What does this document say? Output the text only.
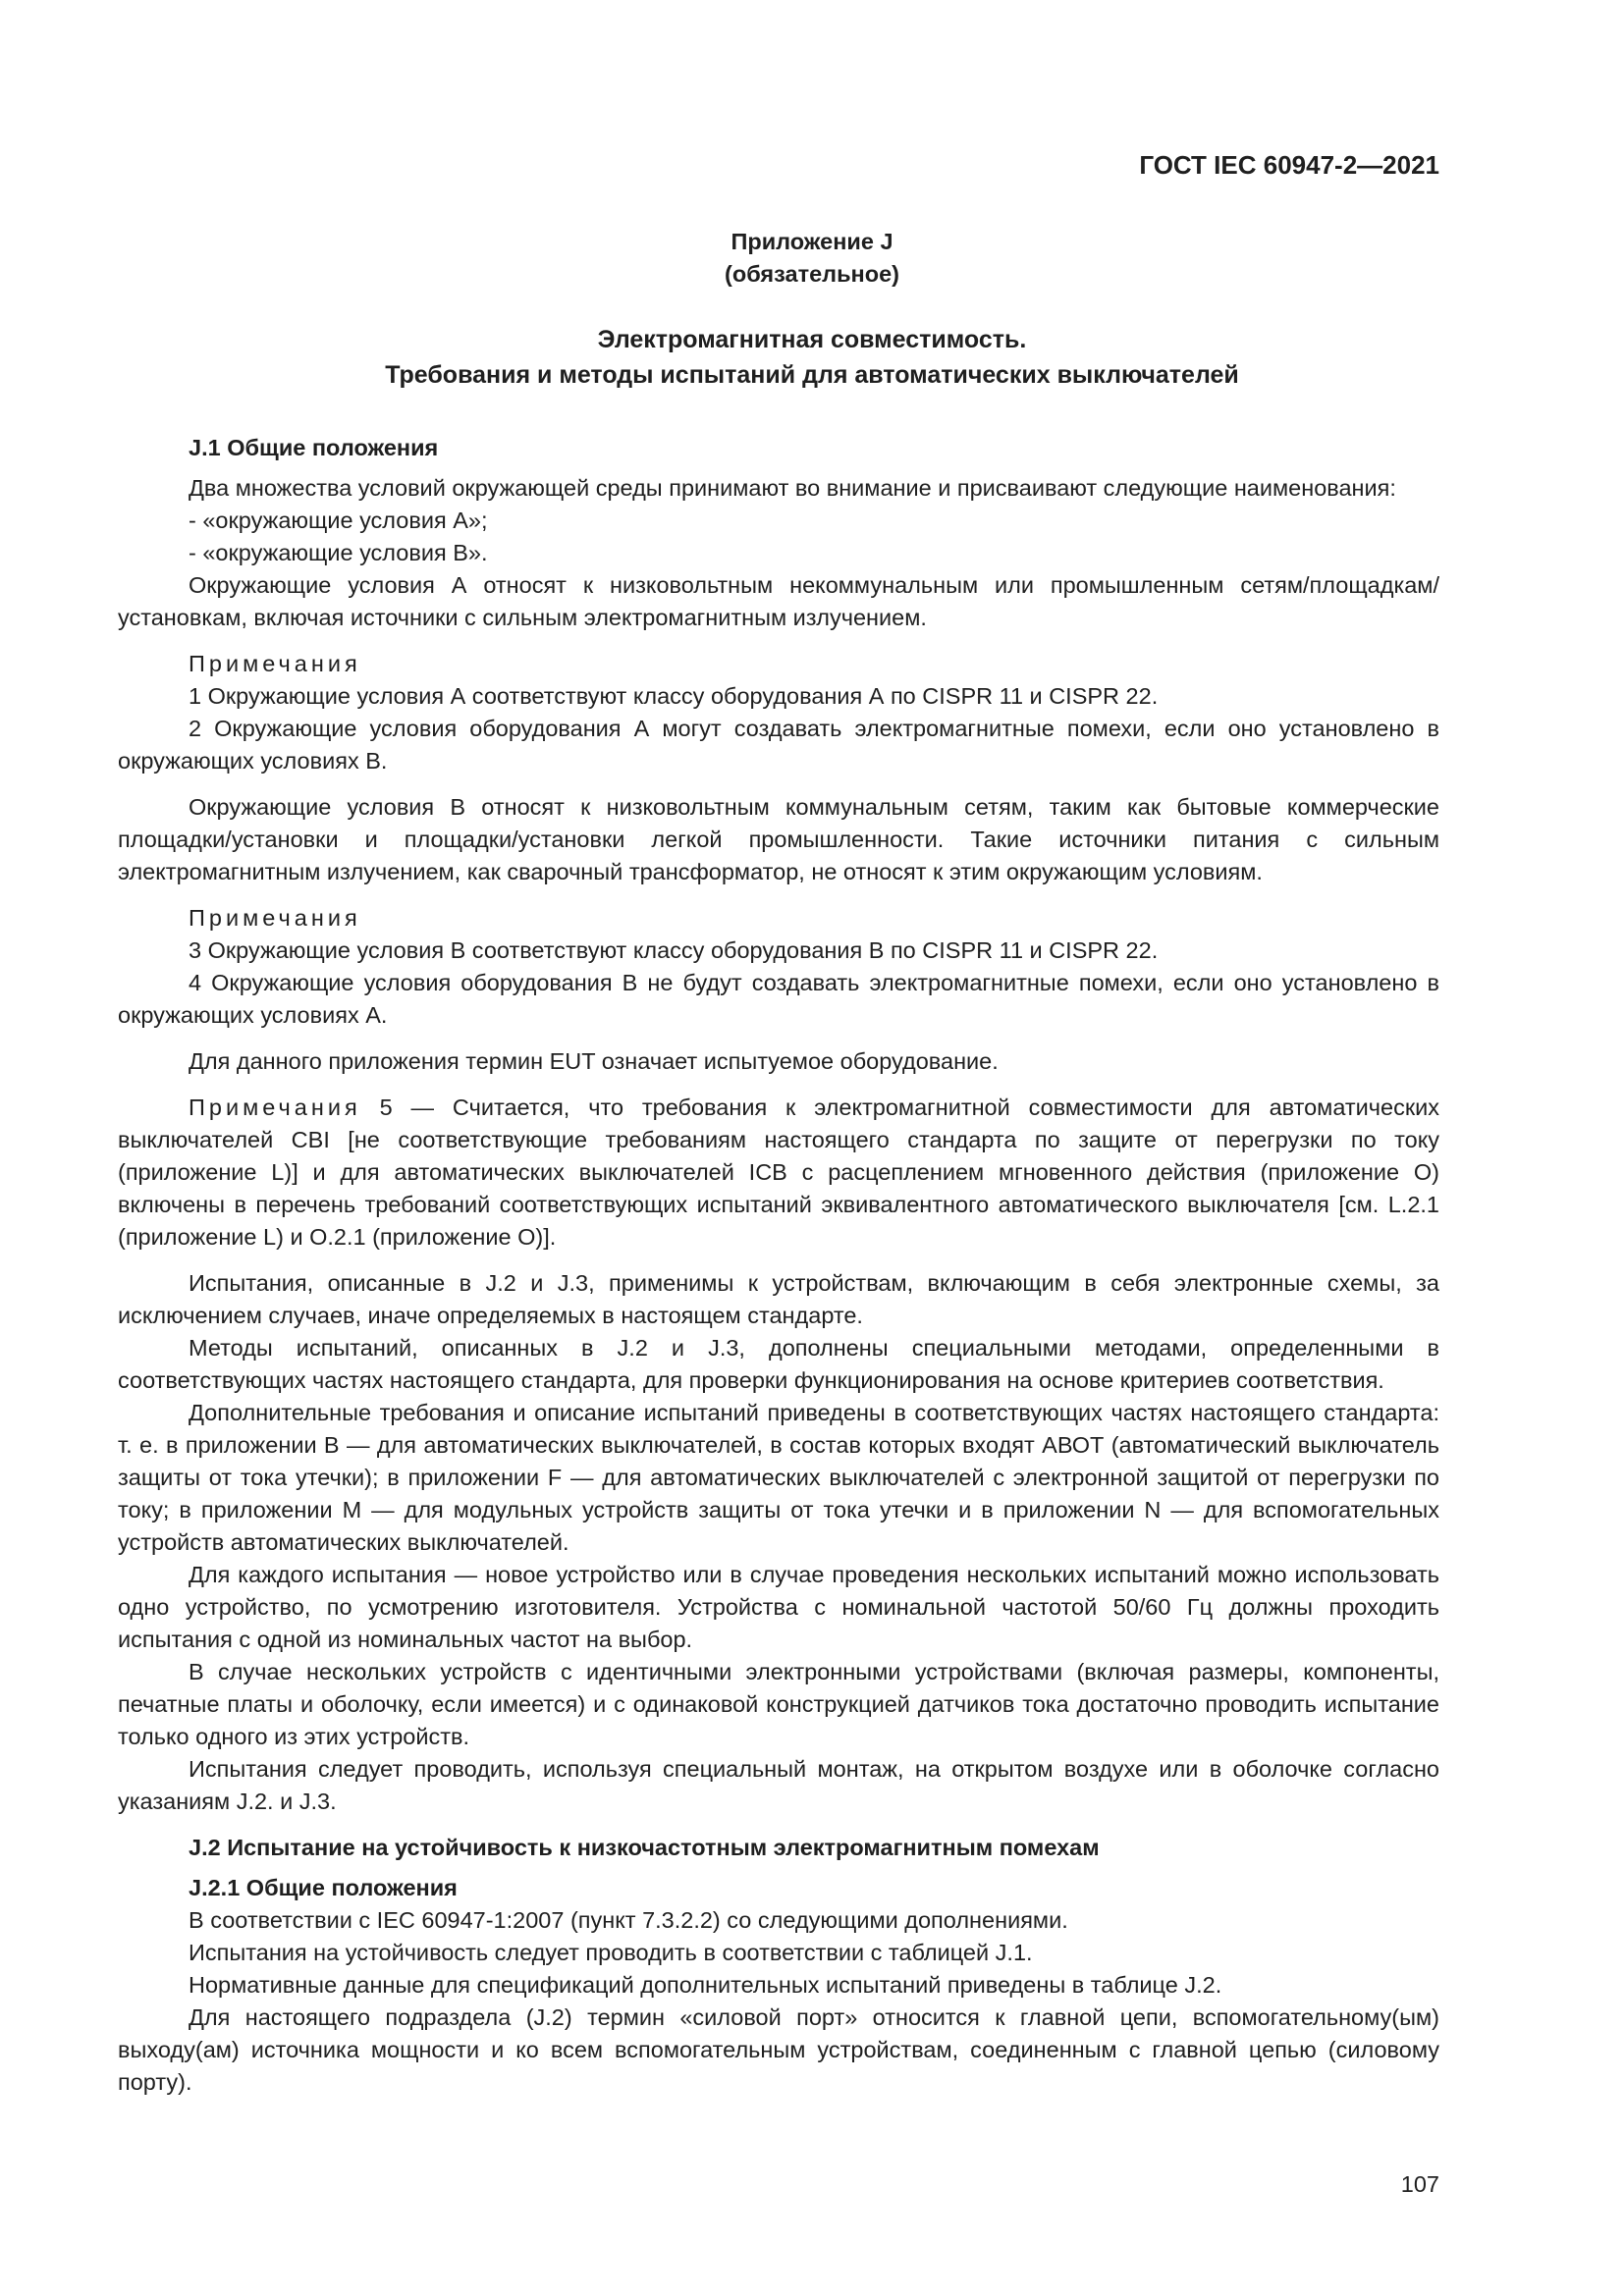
ГОСТ IEC 60947-2—2021
Приложение J
(обязательное)
Электромагнитная совместимость.
Требования и методы испытаний для автоматических выключателей

J.1 Общие положения

Два множества условий окружающей среды принимают во внимание и присваивают следующие наименования:

- «окружающие условия А»;

- «окружающие условия В».

Окружающие условия А относят к низковольтным некоммунальным или промышленным сетям/площадкам/установкам, включая источники с сильным электромагнитным излучением.

Примечания

1 Окружающие условия А соответствуют классу оборудования А по CISPR 11 и CISPR 22.

2 Окружающие условия оборудования А могут создавать электромагнитные помехи, если оно установлено в окружающих условиях В.

Окружающие условия В относят к низковольтным коммунальным сетям, таким как бытовые коммерческие площадки/установки и площадки/установки легкой промышленности. Такие источники питания с сильным электромагнитным излучением, как сварочный трансформатор, не относят к этим окружающим условиям.

Примечания

3 Окружающие условия В соответствуют классу оборудования В по CISPR 11 и CISPR 22.

4 Окружающие условия оборудования В не будут создавать электромагнитные помехи, если оно установлено в окружающих условиях А.

Для данного приложения термин EUT означает испытуемое оборудование.

Примечания 5 — Считается, что требования к электромагнитной совместимости для автоматических выключателей CBI [не соответствующие требованиям настоящего стандарта по защите от перегрузки по току (приложение L)] и для автоматических выключателей ICB с расцеплением мгновенного действия (приложение О) включены в перечень требований соответствующих испытаний эквивалентного автоматического выключателя [см. L.2.1 (приложение L) и O.2.1 (приложение О)].

Испытания, описанные в J.2 и J.3, применимы к устройствам, включающим в себя электронные схемы, за исключением случаев, иначе определяемых в настоящем стандарте.

Методы испытаний, описанных в J.2 и J.3, дополнены специальными методами, определенными в соответствующих частях настоящего стандарта, для проверки функционирования на основе критериев соответствия.

Дополнительные требования и описание испытаний приведены в соответствующих частях настоящего стандарта: т. е. в приложении В — для автоматических выключателей, в состав которых входят АВОТ (автоматический выключатель защиты от тока утечки); в приложении F — для автоматических выключателей с электронной защитой от перегрузки по току; в приложении М — для модульных устройств защиты от тока утечки и в приложении N — для вспомогательных устройств автоматических выключателей.

Для каждого испытания — новое устройство или в случае проведения нескольких испытаний можно использовать одно устройство, по усмотрению изготовителя. Устройства с номинальной частотой 50/60 Гц должны проходить испытания с одной из номинальных частот на выбор.

В случае нескольких устройств с идентичными электронными устройствами (включая размеры, компоненты, печатные платы и оболочку, если имеется) и с одинаковой конструкцией датчиков тока достаточно проводить испытание только одного из этих устройств.

Испытания следует проводить, используя специальный монтаж, на открытом воздухе или в оболочке согласно указаниям J.2. и J.3.

J.2 Испытание на устойчивость к низкочастотным электромагнитным помехам

J.2.1 Общие положения

В соответствии с IEC 60947-1:2007 (пункт 7.3.2.2) со следующими дополнениями.

Испытания на устойчивость следует проводить в соответствии с таблицей J.1.

Нормативные данные для спецификаций дополнительных испытаний приведены в таблице J.2.

Для настоящего подраздела (J.2) термин «силовой порт» относится к главной цепи, вспомогательному(ым) выходу(ам) источника мощности и ко всем вспомогательным устройствам, соединенным с главной цепью (силовому порту).

107
